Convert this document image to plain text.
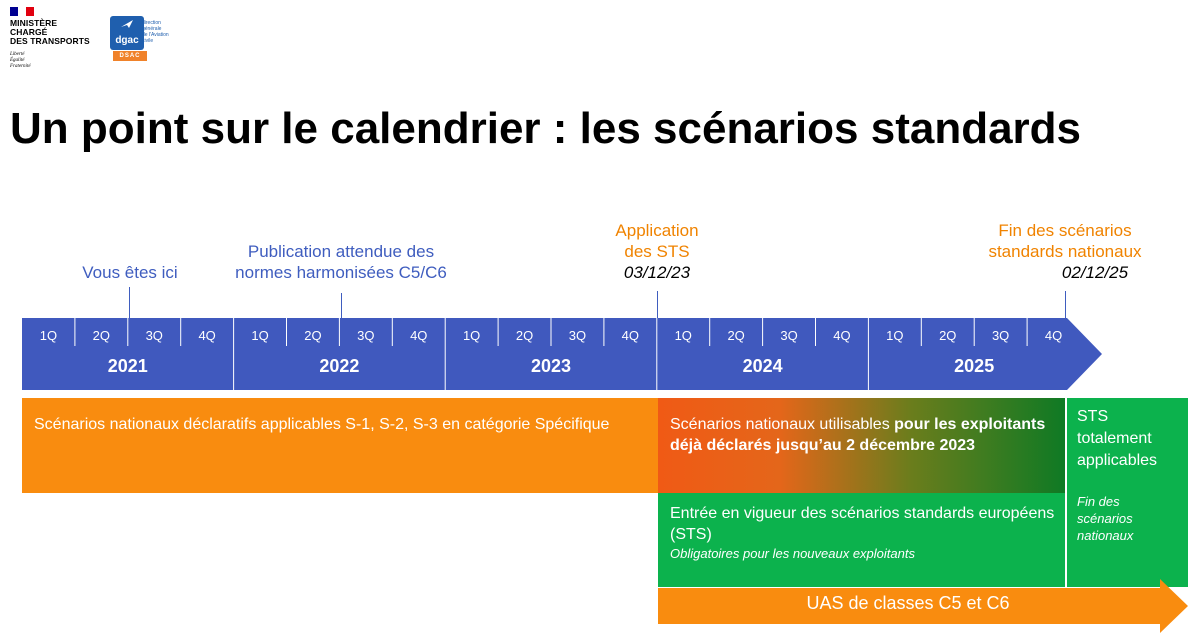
MINISTÈRE
CHARGÉ
DES TRANSPORTS
Liberté
Égalité
Fraternité
dgac
direction
générale
de l'Aviation
civile
DSAC
Un point sur le calendrier : les scénarios standards
Vous êtes ici
Publication attendue des
normes harmonisées C5/C6
Application
des STS
03/12/23
Fin des scénarios
standards nationaux
02/12/25
1Q	2Q	3Q	4Q
2021
1Q	2Q	3Q	4Q
2022
1Q	2Q	3Q	4Q
2023
1Q	2Q	3Q	4Q
2024
1Q	2Q	3Q	4Q
2025
Scénarios nationaux déclaratifs applicables S-1, S-2, S-3 en catégorie Spécifique	Scénarios nationaux utilisables pour les exploitants déjà déclarés jusqu’au 2 décembre 2023
Entrée en vigueur des scénarios standards européens (STS)
Obligatoires pour les nouveaux exploitants
STS
totalement
applicables
Fin des
scénarios
nationaux
UAS de classes C5 et C6
